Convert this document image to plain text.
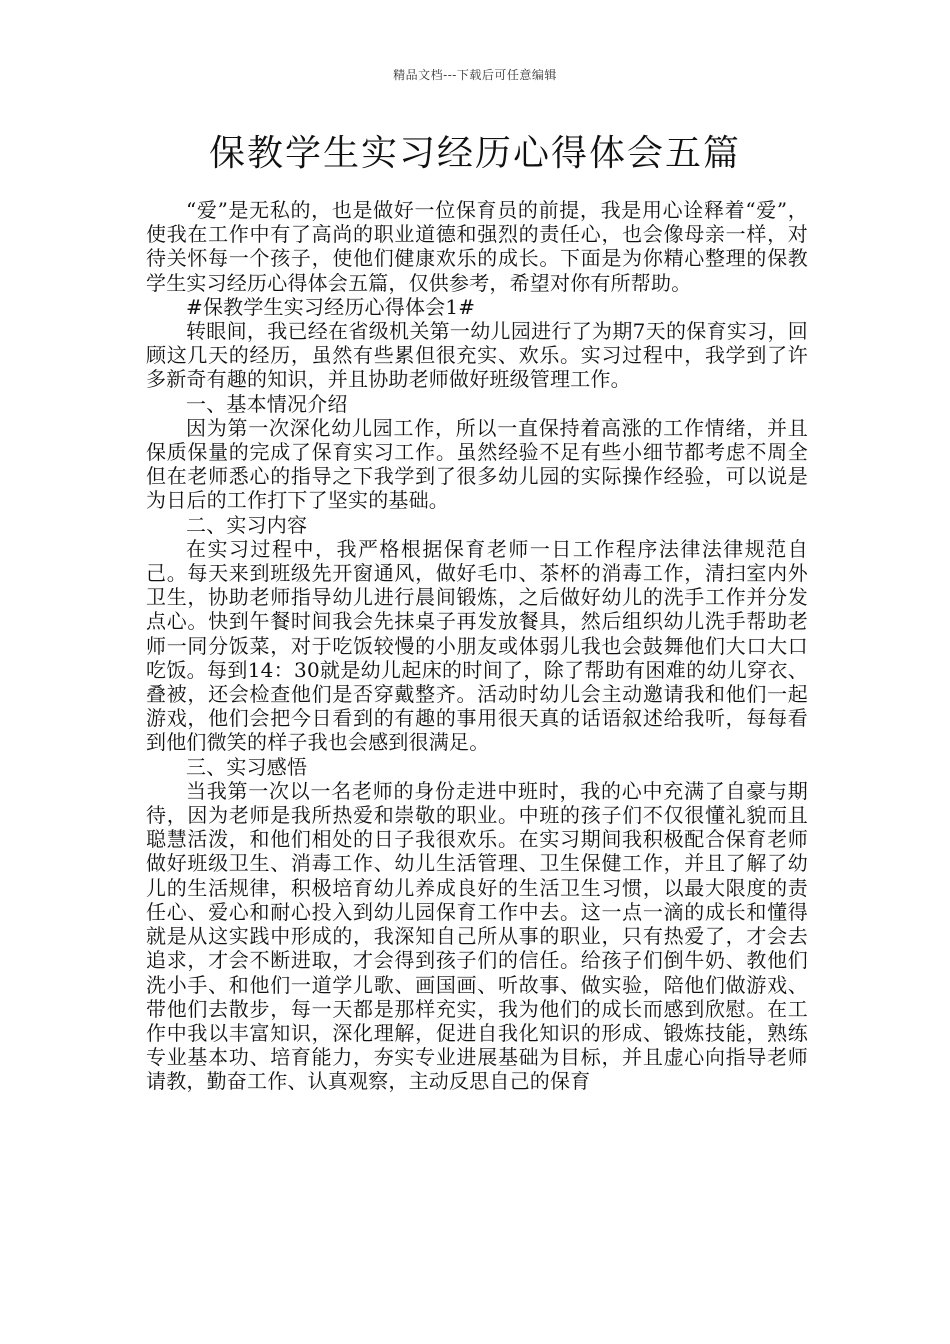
精品文档---下载后可任意编辑
保教学生实习经历心得体会五篇

“爱”是无私的，也是做好一位保育员的前提，我是用心诠释着“爱”，使我在工作中有了高尚的职业道德和强烈的责任心，也会像母亲一样，对待关怀每一个孩子，使他们健康欢乐的成长。下面是为你精心整理的保教学生实习经历心得体会五篇，仅供参考，希望对你有所帮助。

#保教学生实习经历心得体会1#

转眼间，我已经在省级机关第一幼儿园进行了为期7天的保育实习，回顾这几天的经历，虽然有些累但很充实、欢乐。实习过程中，我学到了许多新奇有趣的知识，并且协助老师做好班级管理工作。

一、基本情况介绍

因为第一次深化幼儿园工作，所以一直保持着高涨的工作情绪，并且保质保量的完成了保育实习工作。虽然经验不足有些小细节都考虑不周全但在老师悉心的指导之下我学到了很多幼儿园的实际操作经验，可以说是为日后的工作打下了坚实的基础。

二、实习内容

在实习过程中，我严格根据保育老师一日工作程序法律法律规范自己。每天来到班级先开窗通风，做好毛巾、茶杯的消毒工作，清扫室内外卫生，协助老师指导幼儿进行晨间锻炼，之后做好幼儿的洗手工作并分发点心。快到午餐时间我会先抹桌子再发放餐具，然后组织幼儿洗手帮助老师一同分饭菜，对于吃饭较慢的小朋友或体弱儿我也会鼓舞他们大口大口吃饭。每到14：30就是幼儿起床的时间了，除了帮助有困难的幼儿穿衣、叠被，还会检查他们是否穿戴整齐。活动时幼儿会主动邀请我和他们一起游戏，他们会把今日看到的有趣的事用很天真的话语叙述给我听，每每看到他们微笑的样子我也会感到很满足。

三、实习感悟

当我第一次以一名老师的身份走进中班时，我的心中充满了自豪与期待，因为老师是我所热爱和崇敬的职业。中班的孩子们不仅很懂礼貌而且聪慧活泼，和他们相处的日子我很欢乐。在实习期间我积极配合保育老师做好班级卫生、消毒工作、幼儿生活管理、卫生保健工作，并且了解了幼儿的生活规律，积极培育幼儿养成良好的生活卫生习惯，以最大限度的责任心、爱心和耐心投入到幼儿园保育工作中去。这一点一滴的成长和懂得就是从这实践中形成的，我深知自己所从事的职业，只有热爱了，才会去追求，才会不断进取，才会得到孩子们的信任。给孩子们倒牛奶、教他们洗小手、和他们一道学儿歌、画国画、听故事、做实验，陪他们做游戏、带他们去散步，每一天都是那样充实，我为他们的成长而感到欣慰。在工作中我以丰富知识，深化理解，促进自我化知识的形成、锻炼技能，熟练专业基本功、培育能力，夯实专业进展基础为目标，并且虚心向指导老师请教，勤奋工作、认真观察，主动反思自己的保育
